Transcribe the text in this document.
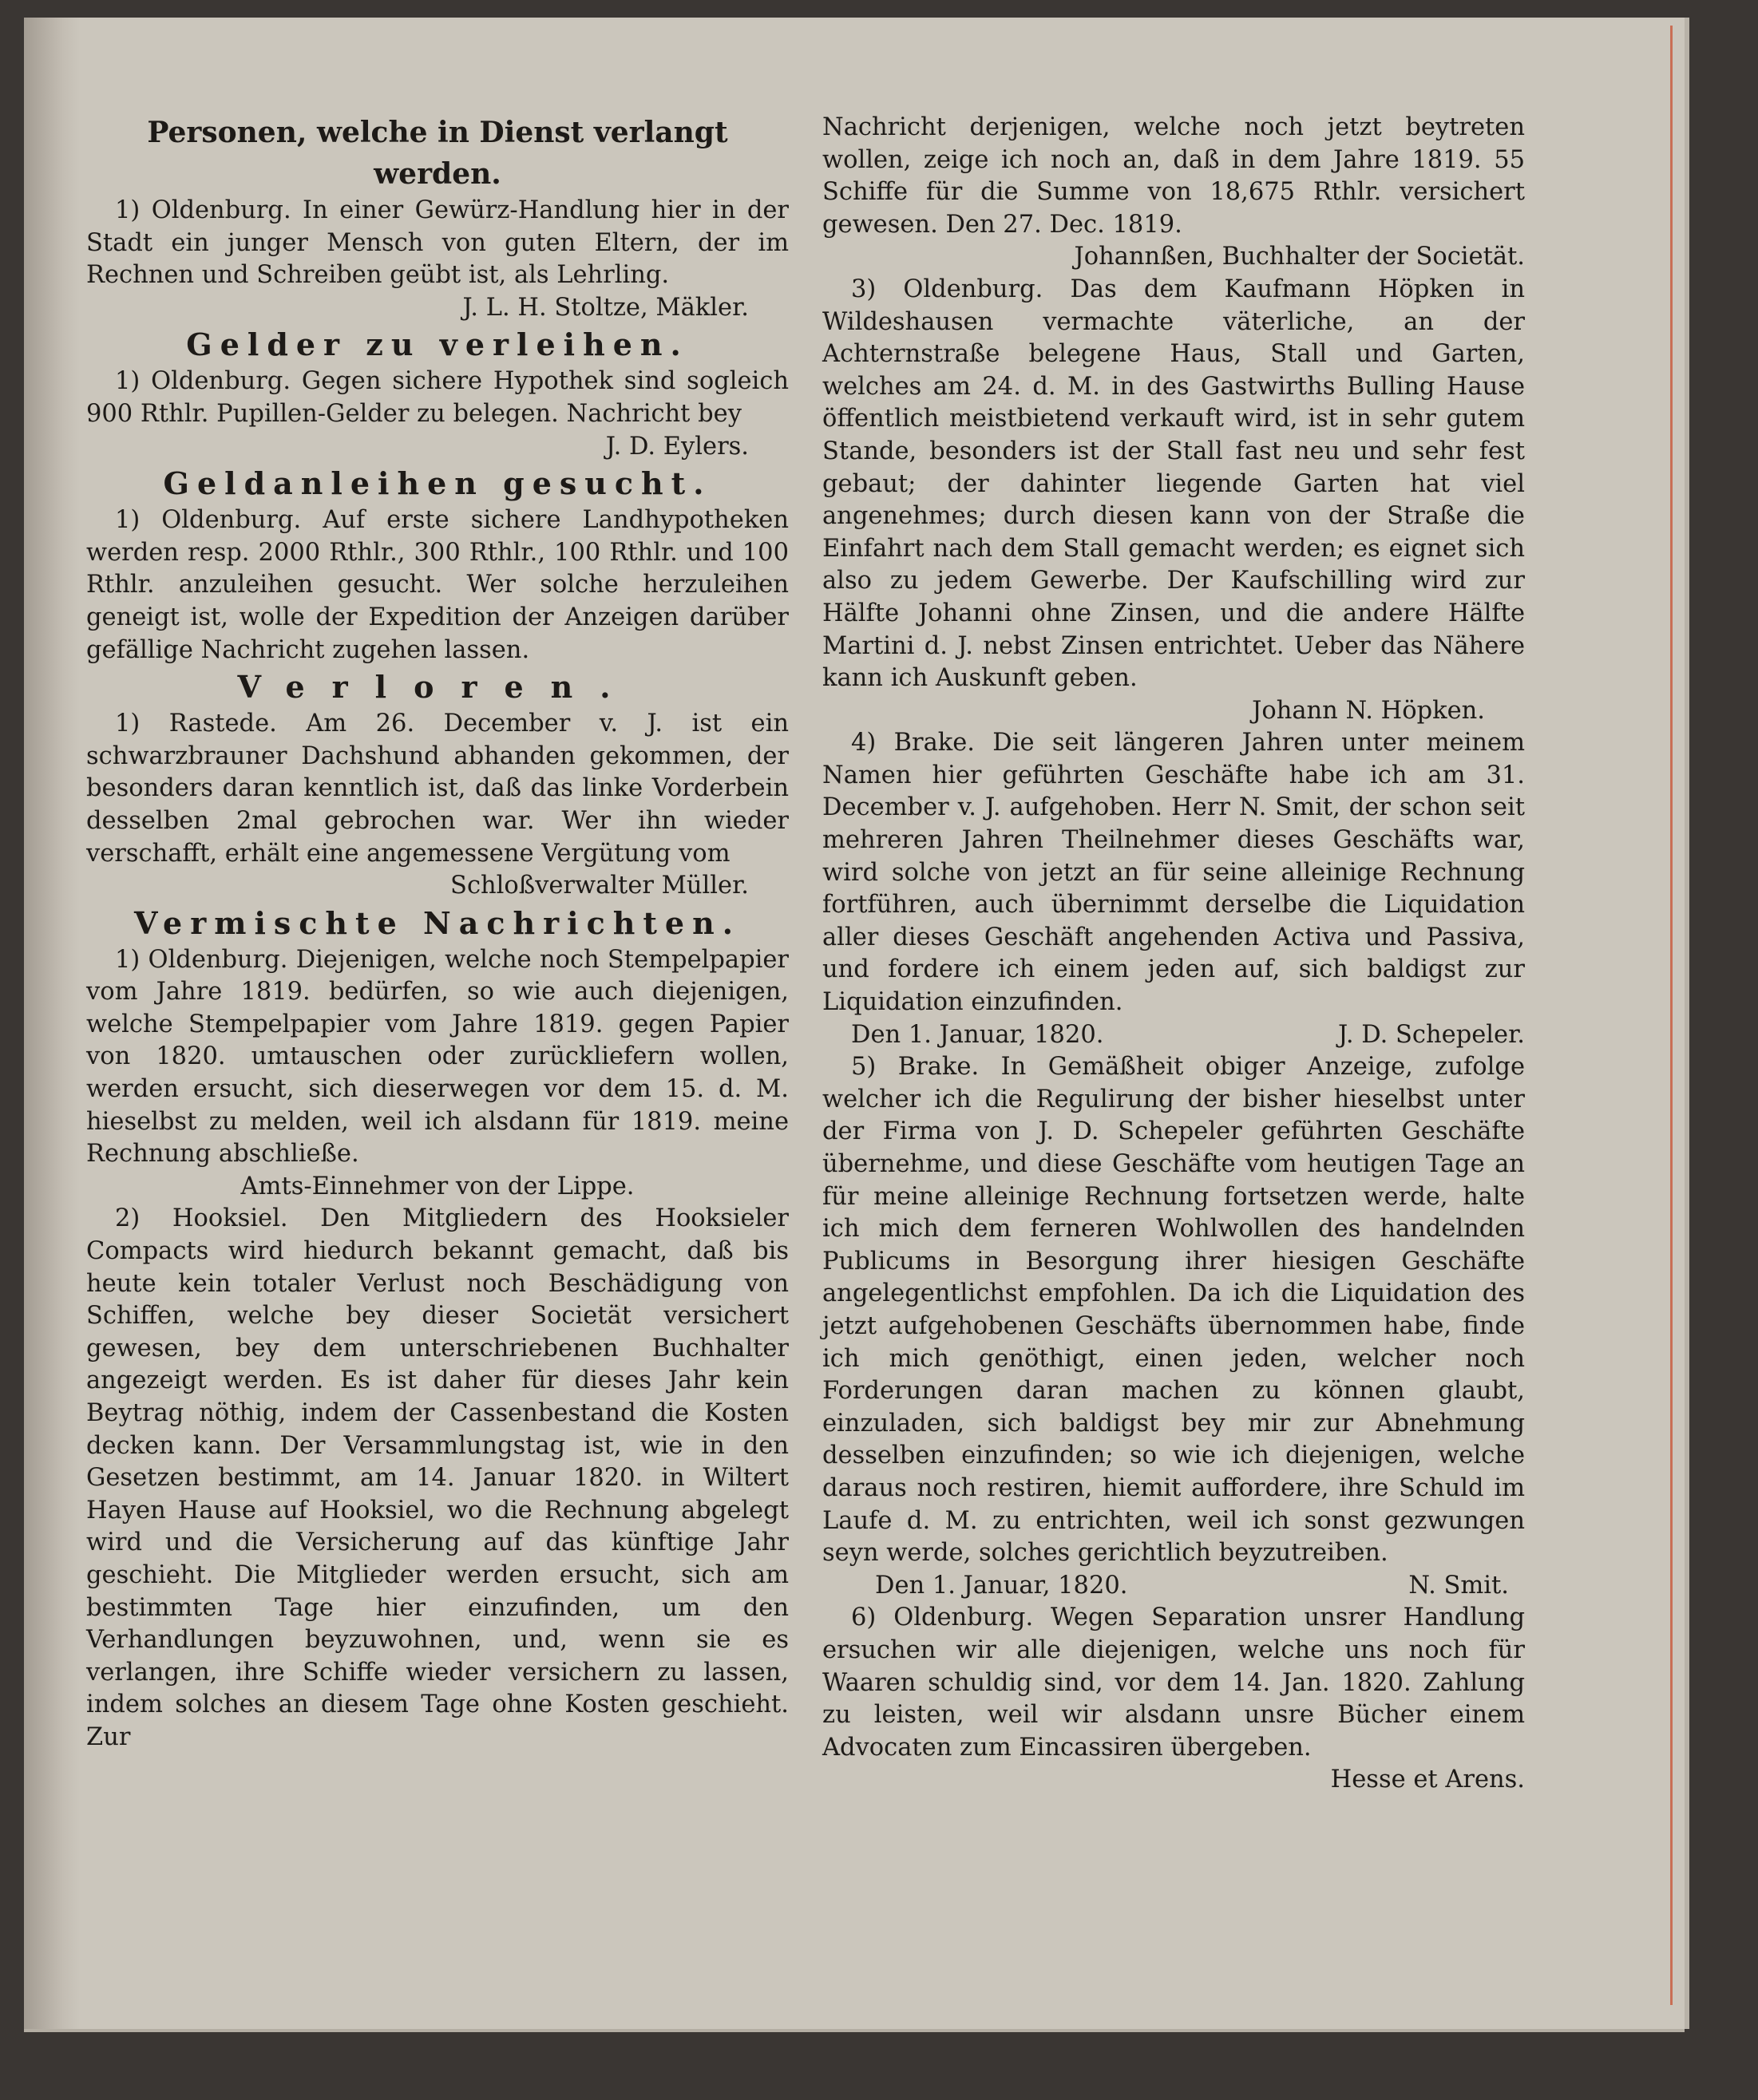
Personen, welche in Dienst verlangt werden.

1) Oldenburg. In einer Gewürz-Handlung hier in der Stadt ein junger Mensch von guten Eltern, der im Rechnen und Schreiben geübt ist, als Lehrling.

J. L. H. Stoltze, Mäkler.

Gelder zu verleihen.

1) Oldenburg. Gegen sichere Hypothek sind sogleich 900 Rthlr. Pupillen-Gelder zu belegen. Nachricht bey

J. D. Eylers.

Geldanleihen gesucht.

1) Oldenburg. Auf erste sichere Landhypotheken werden resp. 2000 Rthlr., 300 Rthlr., 100 Rthlr. und 100 Rthlr. anzuleihen gesucht. Wer solche herzuleihen geneigt ist, wolle der Expedition der Anzeigen darüber gefällige Nachricht zugehen lassen.

Verloren.

1) Rastede. Am 26. December v. J. ist ein schwarzbrauner Dachshund abhanden gekommen, der besonders daran kenntlich ist, daß das linke Vorderbein desselben 2mal gebrochen war. Wer ihn wieder verschafft, erhält eine angemessene Vergütung vom

Schloßverwalter Müller.

Vermischte Nachrichten.

1) Oldenburg. Diejenigen, welche noch Stempelpapier vom Jahre 1819. bedürfen, so wie auch diejenigen, welche Stempelpapier vom Jahre 1819. gegen Papier von 1820. umtauschen oder zurückliefern wollen, werden ersucht, sich dieserwegen vor dem 15. d. M. hieselbst zu melden, weil ich alsdann für 1819. meine Rechnung abschließe.

Amts-Einnehmer von der Lippe.

2) Hooksiel. Den Mitgliedern des Hooksieler Compacts wird hiedurch bekannt gemacht, daß bis heute kein totaler Verlust noch Beschädigung von Schiffen, welche bey dieser Societät versichert gewesen, bey dem unterschriebenen Buchhalter angezeigt werden. Es ist daher für dieses Jahr kein Beytrag nöthig, indem der Cassenbestand die Kosten decken kann. Der Versammlungstag ist, wie in den Gesetzen bestimmt, am 14. Januar 1820. in Wiltert Hayen Hause auf Hooksiel, wo die Rechnung abgelegt wird und die Versicherung auf das künftige Jahr geschieht. Die Mitglieder werden ersucht, sich am bestimmten Tage hier einzufinden, um den Verhandlungen beyzuwohnen, und, wenn sie es verlangen, ihre Schiffe wieder versichern zu lassen, indem solches an diesem Tage ohne Kosten geschieht. Zur

Nachricht derjenigen, welche noch jetzt beytreten wollen, zeige ich noch an, daß in dem Jahre 1819. 55 Schiffe für die Summe von 18,675 Rthlr. versichert gewesen. Den 27. Dec. 1819.

Johannßen, Buchhalter der Societät.

3) Oldenburg. Das dem Kaufmann Höpken in Wildeshausen vermachte väterliche, an der Achternstraße belegene Haus, Stall und Garten, welches am 24. d. M. in des Gastwirths Bulling Hause öffentlich meistbietend verkauft wird, ist in sehr gutem Stande, besonders ist der Stall fast neu und sehr fest gebaut; der dahinter liegende Garten hat viel angenehmes; durch diesen kann von der Straße die Einfahrt nach dem Stall gemacht werden; es eignet sich also zu jedem Gewerbe. Der Kaufschilling wird zur Hälfte Johanni ohne Zinsen, und die andere Hälfte Martini d. J. nebst Zinsen entrichtet. Ueber das Nähere kann ich Auskunft geben.

Johann N. Höpken.

4) Brake. Die seit längeren Jahren unter meinem Namen hier geführten Geschäfte habe ich am 31. December v. J. aufgehoben. Herr N. Smit, der schon seit mehreren Jahren Theilnehmer dieses Geschäfts war, wird solche von jetzt an für seine alleinige Rechnung fortführen, auch übernimmt derselbe die Liquidation aller dieses Geschäft angehenden Activa und Passiva, und fordere ich einem jeden auf, sich baldigst zur Liquidation einzufinden.

Den 1. Januar, 1820.	J. D. Schepeler.

5) Brake. In Gemäßheit obiger Anzeige, zufolge welcher ich die Regulirung der bisher hieselbst unter der Firma von J. D. Schepeler geführten Geschäfte übernehme, und diese Geschäfte vom heutigen Tage an für meine alleinige Rechnung fortsetzen werde, halte ich mich dem ferneren Wohlwollen des handelnden Publicums in Besorgung ihrer hiesigen Geschäfte angelegentlichst empfohlen. Da ich die Liquidation des jetzt aufgehobenen Geschäfts übernommen habe, finde ich mich genöthigt, einen jeden, welcher noch Forderungen daran machen zu können glaubt, einzuladen, sich baldigst bey mir zur Abnehmung desselben einzufinden; so wie ich diejenigen, welche daraus noch restiren, hiemit auffordere, ihre Schuld im Laufe d. M. zu entrichten, weil ich sonst gezwungen seyn werde, solches gerichtlich beyzutreiben.

Den 1. Januar, 1820.	N. Smit.

6) Oldenburg. Wegen Separation unsrer Handlung ersuchen wir alle diejenigen, welche uns noch für Waaren schuldig sind, vor dem 14. Jan. 1820. Zahlung zu leisten, weil wir alsdann unsre Bücher einem Advocaten zum Eincassiren übergeben.

Hesse et Arens.
